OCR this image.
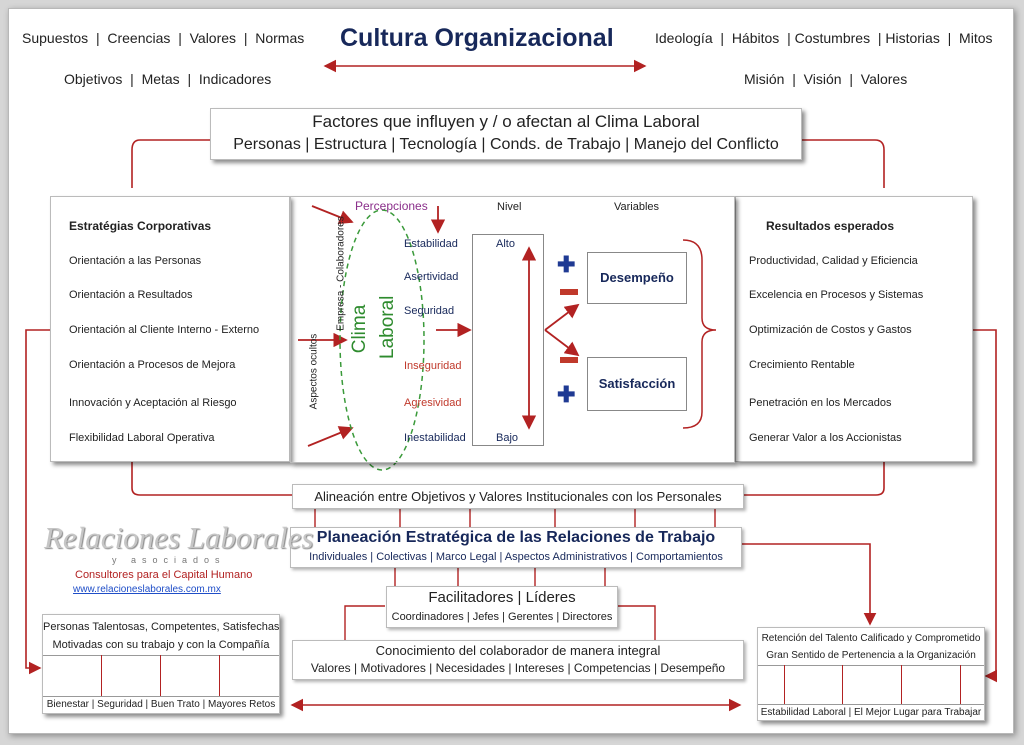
Supuestos | Creencias | Valores | Normas
Objetivos | Metas | Indicadores
Cultura Organizacional	Ideología | Hábitos | Costumbres | Historias | Mitos
Misión | Visión | Valores
Factores que influyen y / o afectan al Clima Laboral
Personas | Estructura | Tecnología | Conds. de Trabajo | Manejo del Conflicto
Estratégias Corporativas
Orientación a las Personas
Orientación a Resultados
Orientación al Cliente Interno - Externo
Orientación a Procesos de Mejora
Innovación y Aceptación al Riesgo
Flexibilidad Laboral Operativa
Resultados esperados
Productividad, Calidad y Eficiencia
Excelencia en Procesos y Sistemas
Optimización de Costos y Gastos
Crecimiento Rentable
Penetración en los Mercados
Generar Valor a los Accionistas
Percepciones	Nivel	Variables
Aspectos ocultos
Empresa - Colaboradores Clima Laboral
Estabilidad
Asertividad
Seguridad
Inseguridad
Agresividad
Inestabilidad
Alto
Bajo
✚
✚
Desempeño
Satisfacción
Alineación entre Objetivos y Valores Institucionales con los Personales
Planeación Estratégica de las Relaciones de Trabajo
Individuales | Colectivas | Marco Legal | Aspectos Administrativos | Comportamientos
Facilitadores | Líderes
Coordinadores | Jefes | Gerentes | Directores
Conocimiento del colaborador de manera integral
Valores | Motivadores | Necesidades | Intereses | Competencias | Desempeño
Relaciones Laborales
y asociados
Consultores para el Capital Humano
www.relacioneslaborales.com.mx
Personas Talentosas, Competentes, Satisfechas
Motivadas con su trabajo y con la Compañía
Bienestar | Seguridad | Buen Trato | Mayores Retos
Retención del Talento Calificado y Comprometido
Gran Sentido de Pertenencia a la Organización
Estabilidad Laboral | El Mejor Lugar para Trabajar
